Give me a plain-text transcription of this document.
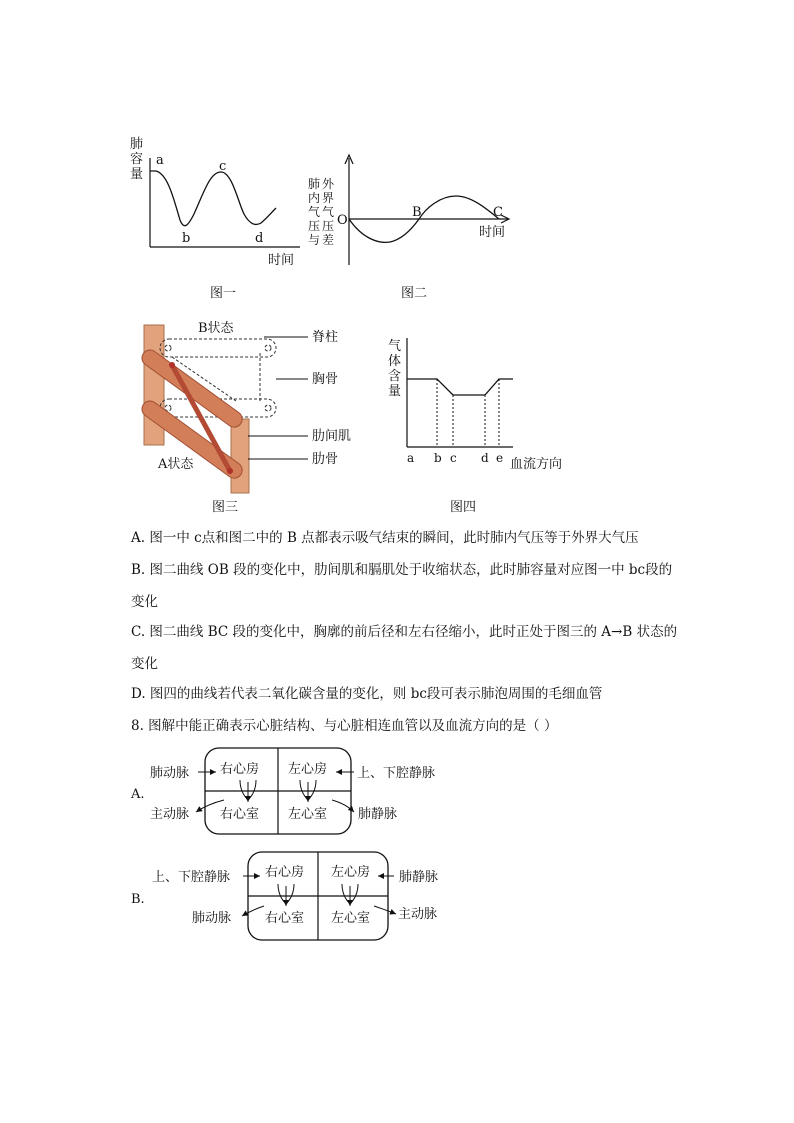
肺
容
量
a
b
c
d
时间
图一
肺
内
气
压
与
外
界
气
压
差
O
B	C
时间
图二
B状态
脊柱
胸骨
肋间肌
肋骨
A状态
图三
气
体
含
量
a b c d e 血流方向
图四
A. 图一中 c点和图二中的 B 点都表示吸气结束的瞬间，此时肺内气压等于外界大气压
B. 图二曲线 OB 段的变化中，肋间肌和膈肌处于收缩状态，此时肺容量对应图一中 bc段的
变化
C. 图二曲线 BC 段的变化中，胸廓的前后径和左右径缩小，此时正处于图三的 A→B 状态的
变化
D. 图四的曲线若代表二氧化碳含量的变化，则 bc段可表示肺泡周围的毛细血管
8. 图解中能正确表示心脏结构、与心脏相连血管以及血流方向的是（ ）
A.
右心房 左心房
右心室 左心室
肺动脉	上、下腔静脉
主动脉	肺静脉
B.
右心房 左心房
右心室 左心室
上、下腔静脉	肺静脉
肺动脉	主动脉
